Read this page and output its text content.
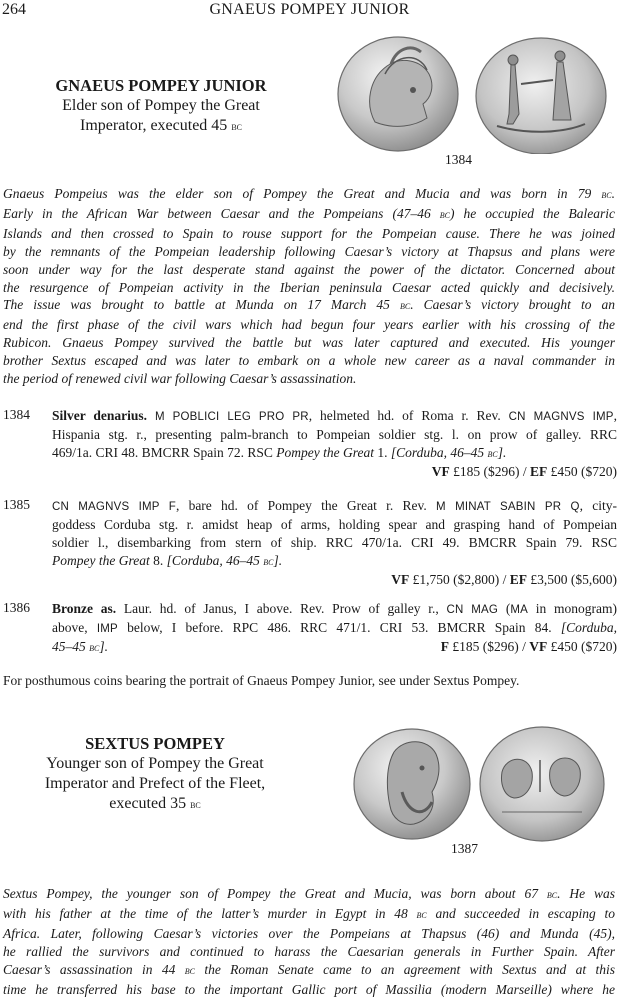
264	GNAEUS POMPEY JUNIOR
GNAEUS POMPEY JUNIOR
Elder son of Pompey the Great
Imperator, executed 45 bc
1384

Gnaeus Pompeius was the elder son of Pompey the Great and Mucia and was born in 79 bc.

Early in the African War between Caesar and the Pompeians (47–46 bc) he occupied the Balearic

Islands and then crossed to Spain to rouse support for the Pompeian cause. There he was joined

by the remnants of the Pompeian leadership following Caesar’s victory at Thapsus and plans were

soon under way for the last desperate stand against the power of the dictator. Concerned about

the resurgence of Pompeian activity in the Iberian peninsula Caesar acted quickly and decisively.

The issue was brought to battle at Munda on 17 March 45 bc. Caesar’s victory brought to an

end the first phase of the civil wars which had begun four years earlier with his crossing of the

Rubicon. Gnaeus Pompey survived the battle but was later captured and executed. His younger

brother Sextus escaped and was later to embark on a whole new career as a naval commander in

the period of renewed civil war following Caesar’s assassination.

1384 Silver denarius. M POBLICI LEG PRO PR, helmeted hd. of Roma r. Rev. CN MAGNVS IMP,
Hispania stg. r., presenting palm-branch to Pompeian soldier stg. l. on prow of galley. RRC
469/1a. CRI 48. BMCRR Spain 72. RSC Pompey the Great 1. [Corduba, 46–45 bc].
VF £185 ($296) / EF £450 ($720)
1385 CN MAGNVS IMP F, bare hd. of Pompey the Great r. Rev. M MINAT SABIN PR Q, city-
goddess Corduba stg. r. amidst heap of arms, holding spear and grasping hand of Pompeian
soldier l., disembarking from stern of ship. RRC 470/1a. CRI 49. BMCRR Spain 79. RSC
Pompey the Great 8. [Corduba, 46–45 bc].
VF £1,750 ($2,800) / EF £3,500 ($5,600)
1386 Bronze as. Laur. hd. of Janus, I above. Rev. Prow of galley r., CN MAG (MA in monogram)
above, IMP below, I before. RPC 486. RRC 471/1. CRI 53. BMCRR Spain 84. [Corduba,
45–45 bc].	F £185 ($296) / VF £450 ($720)
For posthumous coins bearing the portrait of Gnaeus Pompey Junior, see under Sextus Pompey.
SEXTUS POMPEY
Younger son of Pompey the Great
Imperator and Prefect of the Fleet,
executed 35 bc
1387

Sextus Pompey, the younger son of Pompey the Great and Mucia, was born about 67 bc. He was

with his father at the time of the latter’s murder in Egypt in 48 bc and succeeded in escaping to

Africa. Later, following Caesar’s victories over the Pompeians at Thapsus (46) and Munda (45),

he rallied the survivors and continued to harass the Caesarian generals in Further Spain. After

Caesar’s assassination in 44 bc the Roman Senate came to an agreement with Sextus and at this

time he transferred his base to the important Gallic port of Massilia (modern Marseille) where he
